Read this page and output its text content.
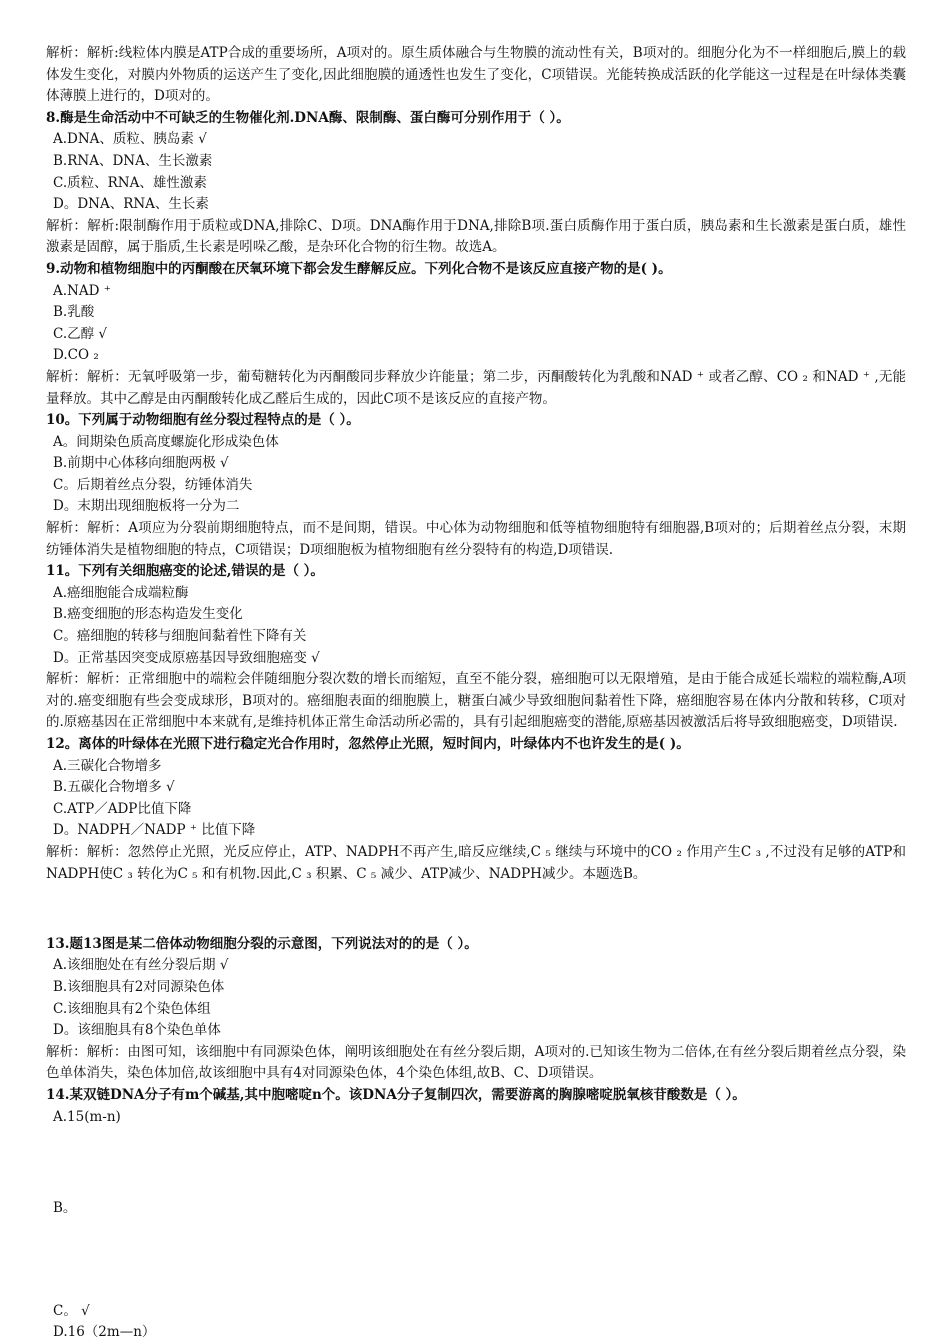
解析：解析:线粒体内膜是ATP合成的重要场所，A项对的。原生质体融合与生物膜的流动性有关，B项对的。细胞分化为不一样细胞后,膜上的载体发生变化，对膜内外物质的运送产生了变化,因此细胞膜的通透性也发生了变化，C项错误。光能转换成活跃的化学能这一过程是在叶绿体类囊体薄膜上进行的，D项对的。

8.酶是生命活动中不可缺乏的生物催化剂.DNA酶、限制酶、蛋白酶可分别作用于（ ）。

A.DNA、质粒、胰岛素 √

B.RNA、DNA、生长激素

C.质粒、RNA、雄性激素

D。DNA、RNA、生长素

解析：解析:限制酶作用于质粒或DNA,排除C、D项。DNA酶作用于DNA,排除B项.蛋白质酶作用于蛋白质，胰岛素和生长激素是蛋白质，雄性激素是固醇，属于脂质,生长素是吲哚乙酸，是杂环化合物的衍生物。故选A。

9.动物和植物细胞中的丙酮酸在厌氧环境下都会发生酵解反应。下列化合物不是该反应直接产物的是( )。

A.NAD ⁺

B.乳酸

C.乙醇 √

D.CO ₂

解析：解析：无氧呼吸第一步，葡萄糖转化为丙酮酸同步释放少许能量；第二步，丙酮酸转化为乳酸和NAD ⁺ 或者乙醇、CO ₂ 和NAD ⁺ ,无能量释放。其中乙醇是由丙酮酸转化成乙醛后生成的，因此C项不是该反应的直接产物。

10。下列属于动物细胞有丝分裂过程特点的是（ ）。

A。间期染色质高度螺旋化形成染色体

B.前期中心体移向细胞两极 √

C。后期着丝点分裂，纺锤体消失

D。末期出现细胞板将一分为二

解析：解析：A项应为分裂前期细胞特点，而不是间期，错误。中心体为动物细胞和低等植物细胞特有细胞器,B项对的；后期着丝点分裂，末期纺锤体消失是植物细胞的特点，C项错误；D项细胞板为植物细胞有丝分裂特有的构造,D项错误.

11。下列有关细胞癌变的论述,错误的是（ ）。

A.癌细胞能合成端粒酶

B.癌变细胞的形态构造发生变化

C。癌细胞的转移与细胞间黏着性下降有关

D。正常基因突变成原癌基因导致细胞癌变 √

解析：解析：正常细胞中的端粒会伴随细胞分裂次数的增长而缩短，直至不能分裂，癌细胞可以无限增殖，是由于能合成延长端粒的端粒酶,A项对的.癌变细胞有些会变成球形，B项对的。癌细胞表面的细胞膜上，糖蛋白减少导致细胞间黏着性下降，癌细胞容易在体内分散和转移，C项对的.原癌基因在正常细胞中本来就有,是维持机体正常生命活动所必需的，具有引起细胞癌变的潜能,原癌基因被激活后将导致细胞癌变，D项错误.

12。离体的叶绿体在光照下进行稳定光合作用时，忽然停止光照，短时间内，叶绿体内不也许发生的是( )。

A.三碳化合物增多

B.五碳化合物增多 √

C.ATP／ADP比值下降

D。NADPH／NADP ⁺ 比值下降

解析：解析：忽然停止光照，光反应停止，ATP、NADPH不再产生,暗反应继续,C ₅ 继续与环境中的CO ₂ 作用产生C ₃ ,不过没有足够的ATP和NADPH使C ₃ 转化为C ₅ 和有机物.因此,C ₃ 积累、C ₅ 减少、ATP减少、NADPH减少。本题选B。

13.题13图是某二倍体动物细胞分裂的示意图，下列说法对的的是（ ）。

A.该细胞处在有丝分裂后期 √

B.该细胞具有2对同源染色体

C.该细胞具有2个染色体组

D。该细胞具有8个染色单体

解析：解析：由图可知，该细胞中有同源染色体，阐明该细胞处在有丝分裂后期，A项对的.已知该生物为二倍体,在有丝分裂后期着丝点分裂，染色单体消失，染色体加倍,故该细胞中具有4对同源染色体，4个染色体组,故B、C、D项错误。

14.某双链DNA分子有m个碱基,其中胞嘧啶n个。该DNA分子复制四次，需要游离的胸腺嘧啶脱氧核苷酸数是（ ）。

A.15(m-n)

B。

C。 √

D.16（2m—n）
